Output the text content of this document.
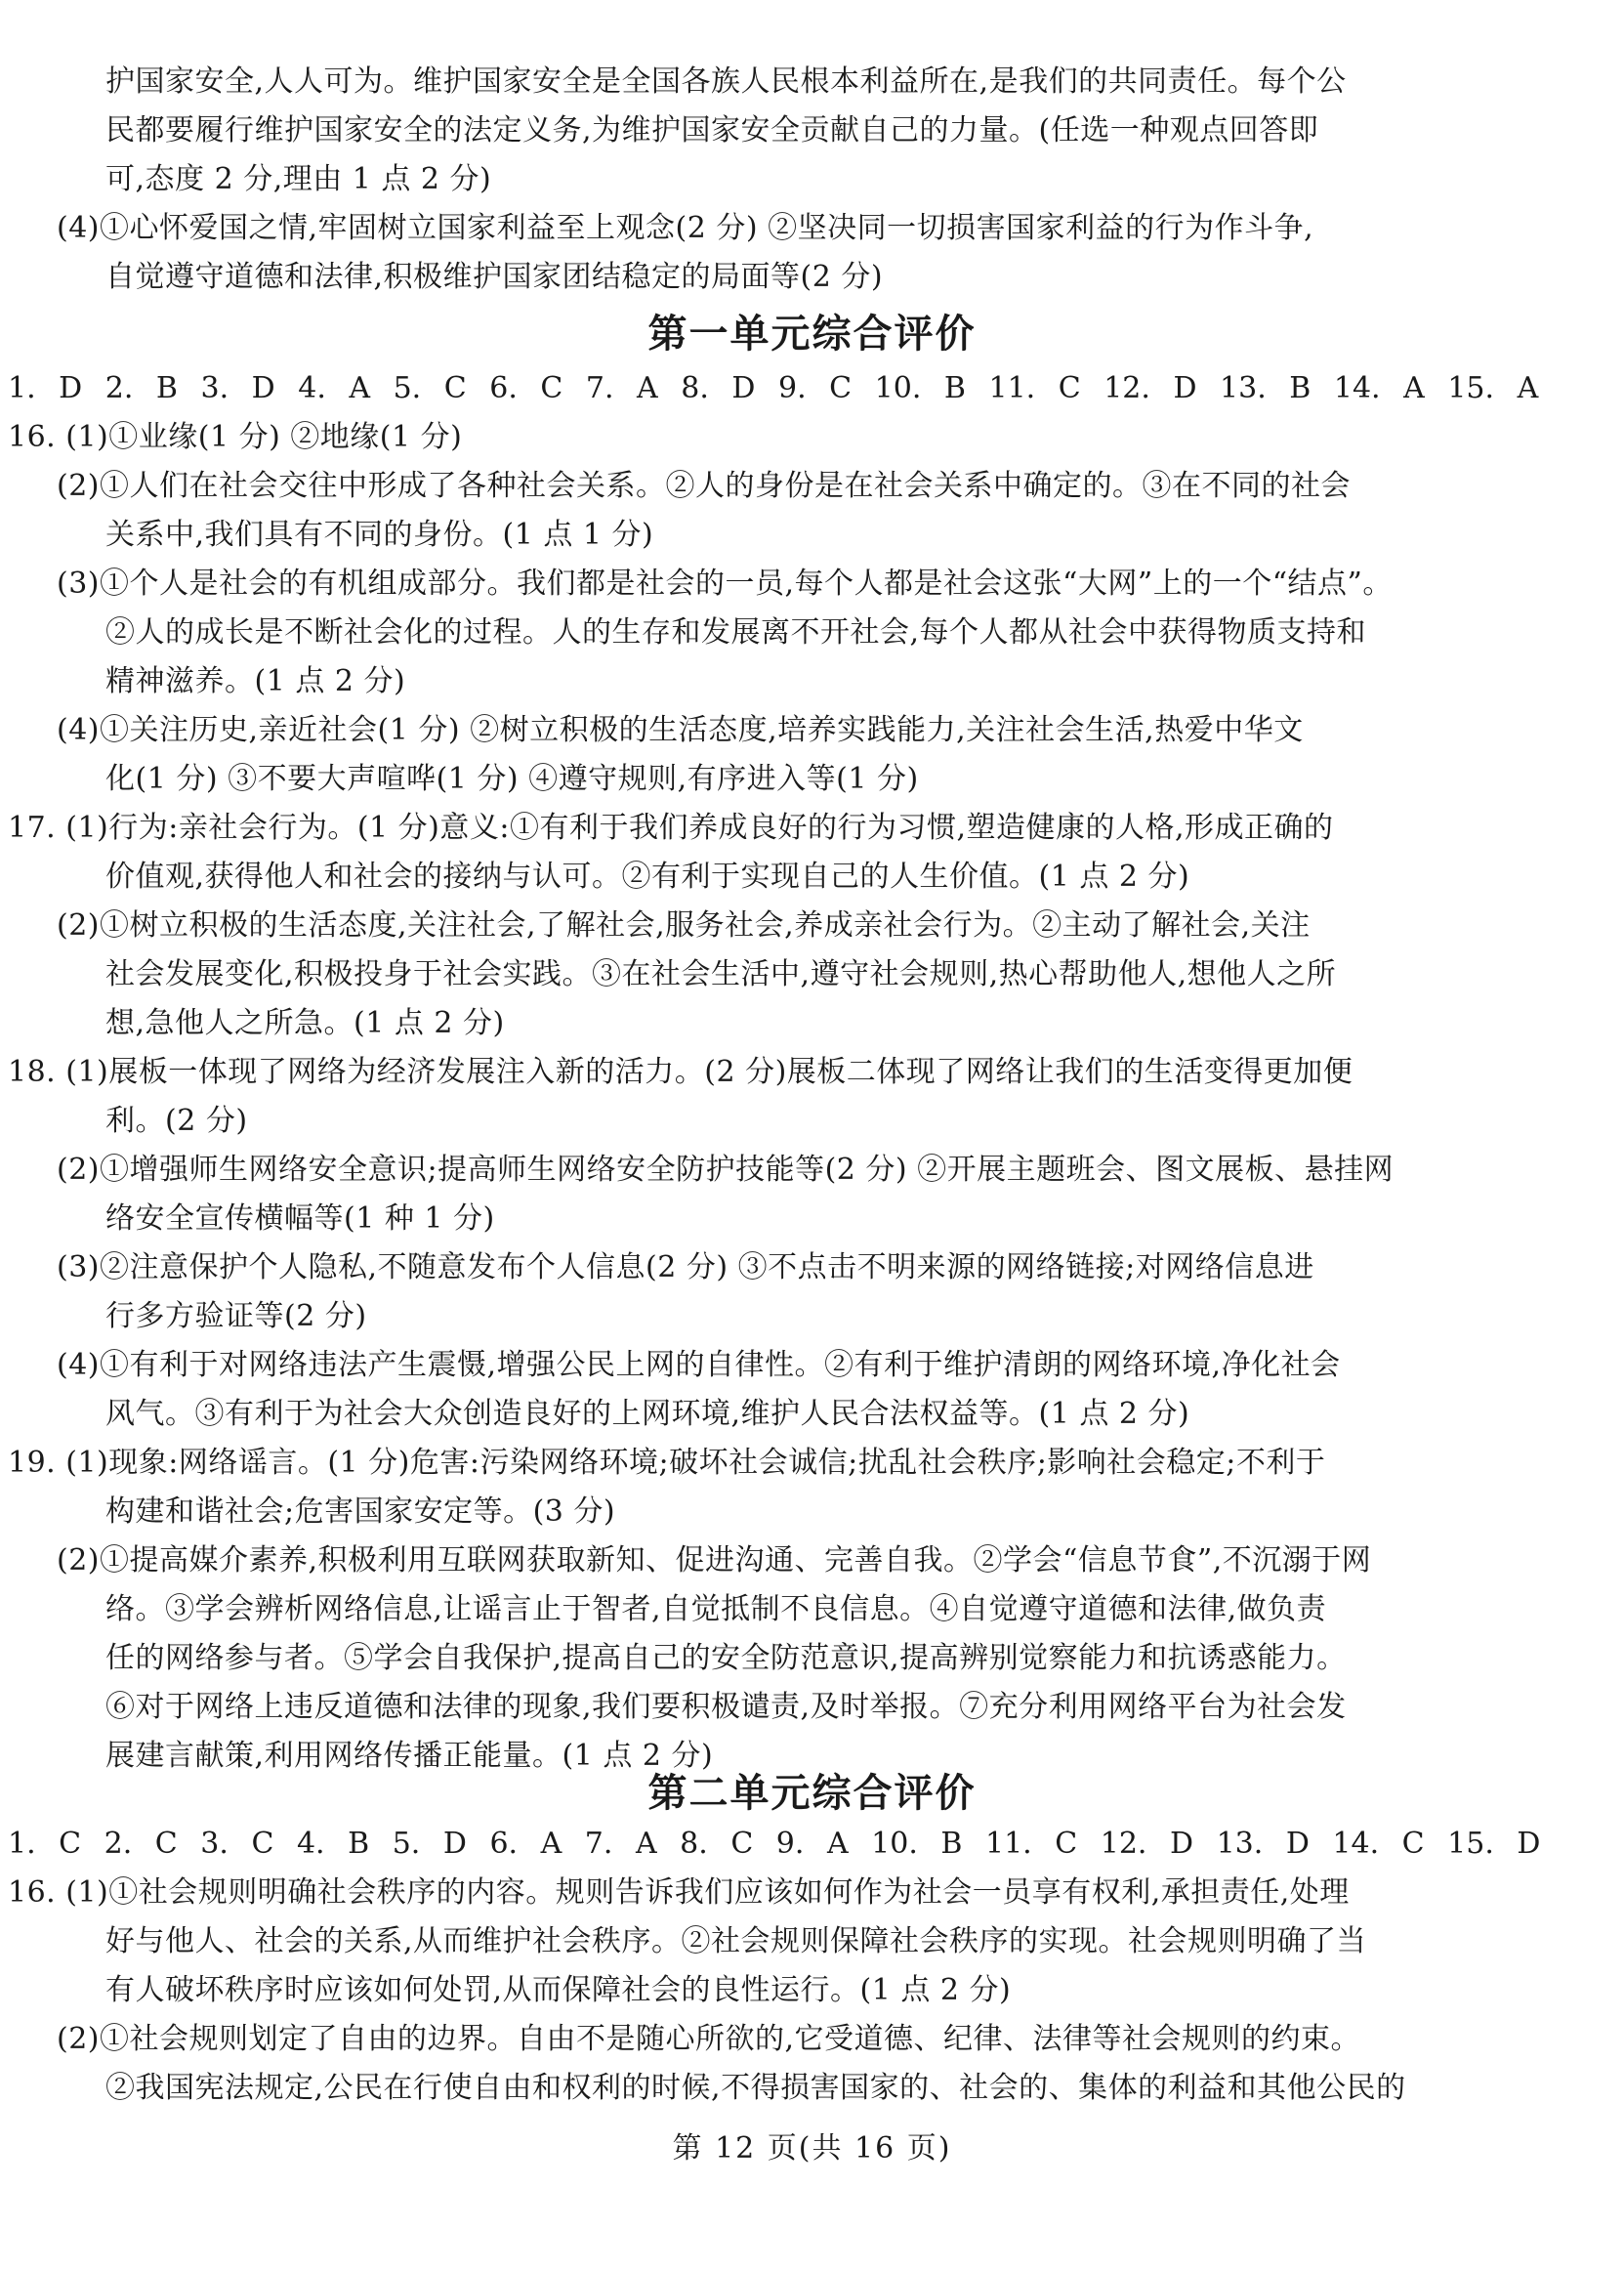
护国家安全,人人可为。维护国家安全是全国各族人民根本利益所在,是我们的共同责任。每个公
民都要履行维护国家安全的法定义务,为维护国家安全贡献自己的力量。(任选一种观点回答即
可,态度 2 分,理由 1 点 2 分)
(4)①心怀爱国之情,牢固树立国家利益至上观念(2 分) ②坚决同一切损害国家利益的行为作斗争,
自觉遵守道德和法律,积极维护国家团结稳定的局面等(2 分)
第一单元综合评价
1. D 2. B 3. D 4. A 5. C 6. C 7. A 8. D 9. C 10. B 11. C 12. D 13. B 14. A 15. A
16. (1)①业缘(1 分) ②地缘(1 分)
(2)①人们在社会交往中形成了各种社会关系。②人的身份是在社会关系中确定的。③在不同的社会
关系中,我们具有不同的身份。(1 点 1 分)
(3)①个人是社会的有机组成部分。我们都是社会的一员,每个人都是社会这张“大网”上的一个“结点”。
②人的成长是不断社会化的过程。人的生存和发展离不开社会,每个人都从社会中获得物质支持和
精神滋养。(1 点 2 分)
(4)①关注历史,亲近社会(1 分) ②树立积极的生活态度,培养实践能力,关注社会生活,热爱中华文
化(1 分) ③不要大声喧哗(1 分) ④遵守规则,有序进入等(1 分)
17. (1)行为:亲社会行为。(1 分)意义:①有利于我们养成良好的行为习惯,塑造健康的人格,形成正确的
价值观,获得他人和社会的接纳与认可。②有利于实现自己的人生价值。(1 点 2 分)
(2)①树立积极的生活态度,关注社会,了解社会,服务社会,养成亲社会行为。②主动了解社会,关注
社会发展变化,积极投身于社会实践。③在社会生活中,遵守社会规则,热心帮助他人,想他人之所
想,急他人之所急。(1 点 2 分)
18. (1)展板一体现了网络为经济发展注入新的活力。(2 分)展板二体现了网络让我们的生活变得更加便
利。(2 分)
(2)①增强师生网络安全意识;提高师生网络安全防护技能等(2 分) ②开展主题班会、图文展板、悬挂网
络安全宣传横幅等(1 种 1 分)
(3)②注意保护个人隐私,不随意发布个人信息(2 分) ③不点击不明来源的网络链接;对网络信息进
行多方验证等(2 分)
(4)①有利于对网络违法产生震慑,增强公民上网的自律性。②有利于维护清朗的网络环境,净化社会
风气。③有利于为社会大众创造良好的上网环境,维护人民合法权益等。(1 点 2 分)
19. (1)现象:网络谣言。(1 分)危害:污染网络环境;破坏社会诚信;扰乱社会秩序;影响社会稳定;不利于
构建和谐社会;危害国家安定等。(3 分)
(2)①提高媒介素养,积极利用互联网获取新知、促进沟通、完善自我。②学会“信息节食”,不沉溺于网
络。③学会辨析网络信息,让谣言止于智者,自觉抵制不良信息。④自觉遵守道德和法律,做负责
任的网络参与者。⑤学会自我保护,提高自己的安全防范意识,提高辨别觉察能力和抗诱惑能力。
⑥对于网络上违反道德和法律的现象,我们要积极谴责,及时举报。⑦充分利用网络平台为社会发
展建言献策,利用网络传播正能量。(1 点 2 分)
第二单元综合评价
1. C 2. C 3. C 4. B 5. D 6. A 7. A 8. C 9. A 10. B 11. C 12. D 13. D 14. C 15. D
16. (1)①社会规则明确社会秩序的内容。规则告诉我们应该如何作为社会一员享有权利,承担责任,处理
好与他人、社会的关系,从而维护社会秩序。②社会规则保障社会秩序的实现。社会规则明确了当
有人破坏秩序时应该如何处罚,从而保障社会的良性运行。(1 点 2 分)
(2)①社会规则划定了自由的边界。自由不是随心所欲的,它受道德、纪律、法律等社会规则的约束。
②我国宪法规定,公民在行使自由和权利的时候,不得损害国家的、社会的、集体的利益和其他公民的
第 12 页(共 16 页)
